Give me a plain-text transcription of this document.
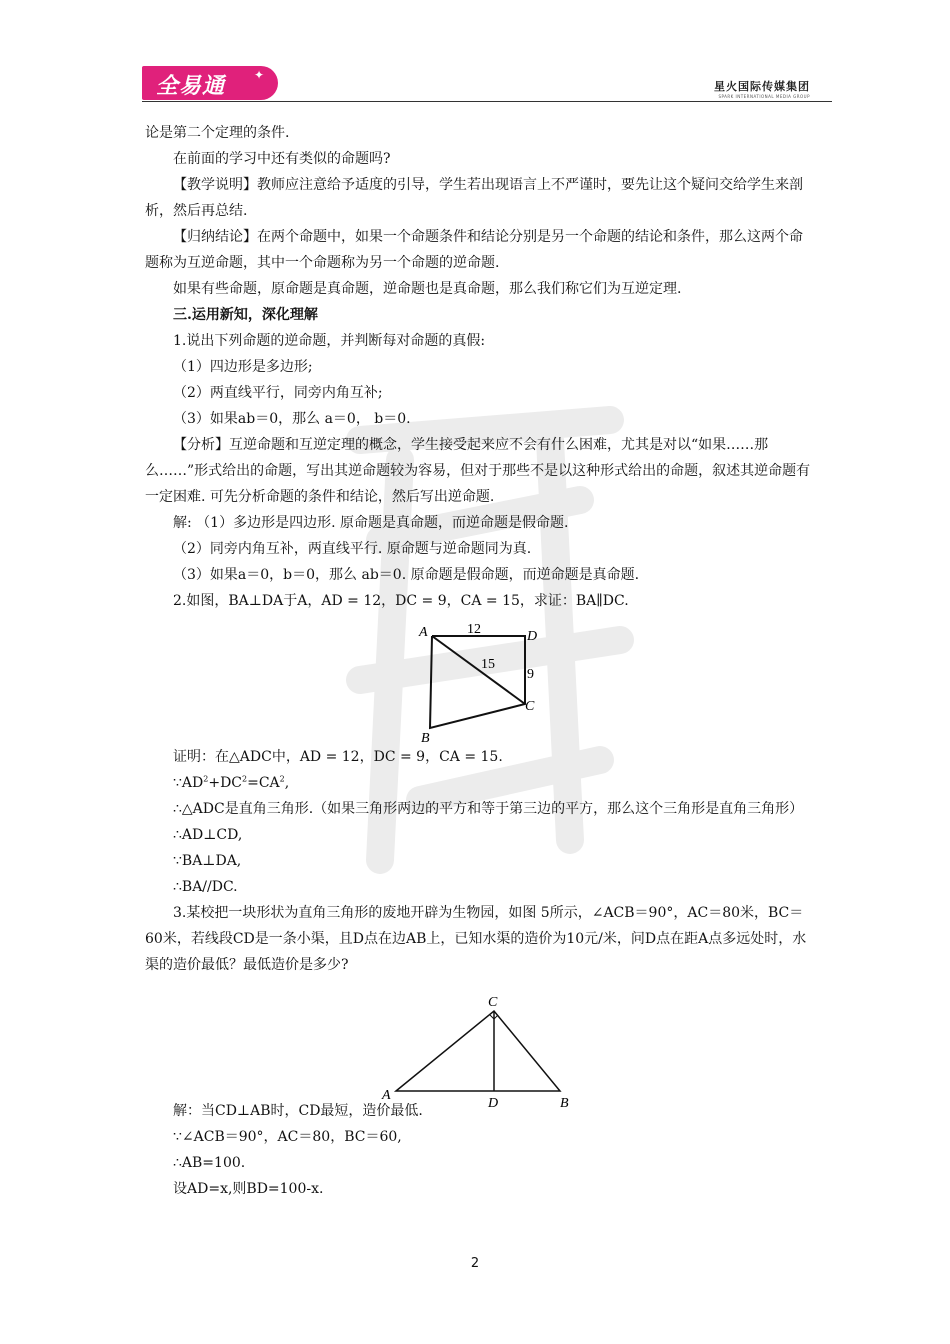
全易通 ✦
星火国际传媒集团
SPARK INTERNATIONAL MEDIA GROUP

论是第二个定理的条件.

在前面的学习中还有类似的命题吗?

【教学说明】教师应注意给予适度的引导，学生若出现语言上不严谨时，要先让这个疑问交给学生来剖析，然后再总结.

【归纳结论】在两个命题中，如果一个命题条件和结论分别是另一个命题的结论和条件，那么这两个命题称为互逆命题，其中一个命题称为另一个命题的逆命题.

如果有些命题，原命题是真命题，逆命题也是真命题，那么我们称它们为互逆定理.

三.运用新知，深化理解

1.说出下列命题的逆命题，并判断每对命题的真假:

（1）四边形是多边形;

（2）两直线平行，同旁内角互补;

（3）如果ab＝0，那么 a＝0， b＝0.

【分析】互逆命题和互逆定理的概念，学生接受起来应不会有什么困难，尤其是对以“如果……那么……”形式给出的命题，写出其逆命题较为容易，但对于那些不是以这种形式给出的命题，叙述其逆命题有一定困难. 可先分析命题的条件和结论，然后写出逆命题.

解: （1）多边形是四边形. 原命题是真命题，而逆命题是假命题.

（2）同旁内角互补，两直线平行. 原命题与逆命题同为真.

（3）如果a＝0，b＝0，那么 ab＝0. 原命题是假命题，而逆命题是真命题.

2.如图，BA⊥DA于A，AD = 12，DC = 9，CA = 15，求证：BA∥DC.

证明：在△ADC中，AD = 12，DC = 9，CA = 15.

$\because AD^2+DC^2=CA^2$,

∴△ADC是直角三角形.（如果三角形两边的平方和等于第三边的平方，那么这个三角形是直角三角形）

∴AD⊥CD,

∵BA⊥DA,

∴BA//DC.

3.某校把一块形状为直角三角形的废地开辟为生物园，如图 5所示，∠ACB＝90°，AC＝80米，BC＝60米，若线段CD是一条小渠，且D点在边AB上，已知水渠的造价为10元/米，问D点在距A点多远处时，水渠的造价最低？最低造价是多少?

解：当CD⊥AB时，CD最短，造价最低.

∵∠ACB＝90°，AC＝80，BC＝60,

∴AB=100.

设AD=x,则BD=100-x.

A	D
C
B
12
15
9
C
A
D	B
2
